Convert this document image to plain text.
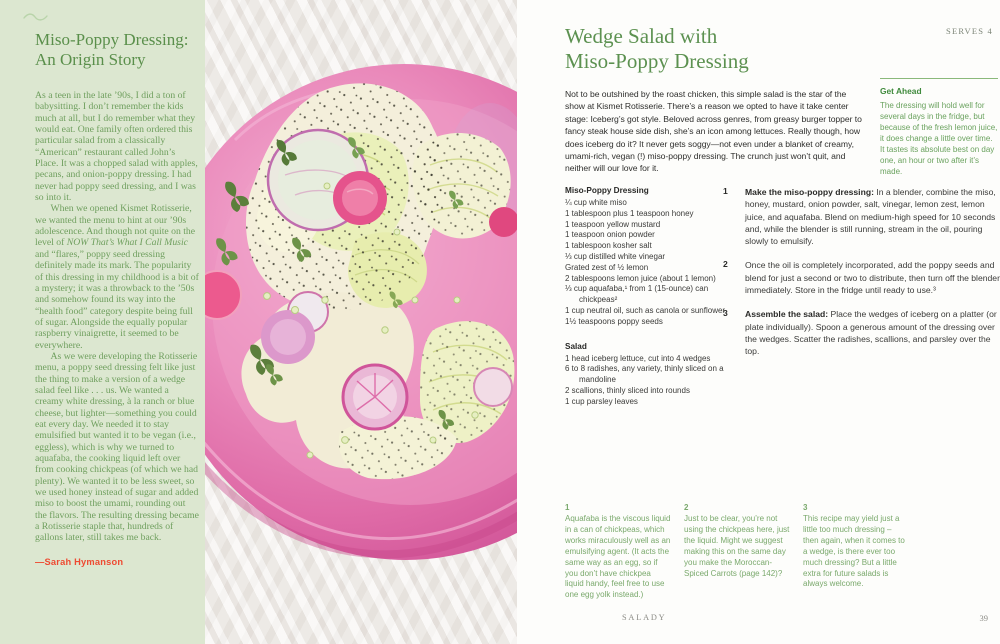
Miso-Poppy Dressing: An Origin Story

As a teen in the late ’90s, I did a ton of babysitting. I don’t remember the kids much at all, but I do remember what they would eat. One family often ordered this particular salad from a classically “American” restaurant called John’s Place. It was a chopped salad with apples, pecans, and onion-poppy dressing. I had never had poppy seed dressing, and I was so into it.

When we opened Kismet Rotisserie, we wanted the menu to hint at our ’90s adolescence. And though not quite on the level of NOW That’s What I Call Music and “flares,” poppy seed dressing definitely made its mark. The popularity of this dressing in my childhood is a bit of a mystery; it was a throwback to the ’50s and somehow found its way into the “health food” category despite being full of sugar. Alongside the equally popular raspberry vinaigrette, it seemed to be everywhere.

As we were developing the Rotisserie menu, a poppy seed dressing felt like just the thing to make a version of a wedge salad feel like . . . us. We wanted a creamy white dressing, à la ranch or blue cheese, but lighter—something you could eat every day. We needed it to stay emulsified but wanted it to be vegan (i.e., eggless), which is why we turned to aquafaba, the cooking liquid left over from cooking chickpeas (of which we had plenty). We wanted it to be less sweet, so we used honey instead of sugar and added miso to boost the umami, rounding out the flavors. The resulting dressing became a Rotisserie staple that, hundreds of gallons later, still takes me back.

—Sarah Hymanson

SERVES 4
Wedge Salad with
Miso-Poppy Dressing

Not to be outshined by the roast chicken, this simple salad is the star of the show at Kismet Rotisserie. There’s a reason we opted to have it take center stage: Iceberg’s got style. Beloved across genres, from greasy burger topper to fancy steak house side dish, she’s an icon among lettuces. Really though, how does iceberg do it? It never gets soggy—not even under a blanket of creamy, umami-rich, vegan (!) miso-poppy dressing. The crunch just won’t quit, and neither will our love for it.

Get Ahead

The dressing will hold well for several days in the fridge, but because of the fresh lemon juice, it does change a little over time. It tastes its absolute best on day one, an hour or two after it’s made.

Miso-Poppy Dressing
¼ cup white miso
1 tablespoon plus 1 teaspoon honey
1 teaspoon yellow mustard
1 teaspoon onion powder
1 tablespoon kosher salt
⅓ cup distilled white vinegar
Grated zest of ½ lemon
2 tablespoons lemon juice (about 1 lemon)
⅓ cup aquafaba,¹ from 1 (15-ounce) can chickpeas²
1 cup neutral oil, such as canola or sunflower
1½ teaspoons poppy seeds
Salad
1 head iceberg lettuce, cut into 4 wedges
6 to 8 radishes, any variety, thinly sliced on a mandoline
2 scallions, thinly sliced into rounds
1 cup parsley leaves
1	Make the miso-poppy dressing: In a blender, combine the miso, honey, mustard, onion powder, salt, vinegar, lemon zest, lemon juice, and aquafaba. Blend on medium-high speed for 10 seconds and, while the blender is still running, stream in the oil, pouring slowly to emulsify.
2	Once the oil is completely incorporated, add the poppy seeds and blend for just a second or two to distribute, then turn off the blender immediately. Store in the fridge until ready to use.³
3	Assemble the salad: Place the wedges of iceberg on a platter (or plate individually). Spoon a generous amount of the dressing over the wedges. Scatter the radishes, scallions, and parsley over the top.
1
Aquafaba is the viscous liquid in a can of chickpeas, which works miraculously well as an emulsifying agent. (It acts the same way as an egg, so if you don’t have chickpea liquid handy, feel free to use one egg yolk instead.)
2
Just to be clear, you’re not using the chickpeas here, just the liquid. Might we suggest making this on the same day you make the Moroccan-Spiced Carrots (page 142)?
3
This recipe may yield just a little too much dressing – then again, when it comes to a wedge, is there ever too much dressing? But a little extra for future salads is always welcome.
SALADY	39
